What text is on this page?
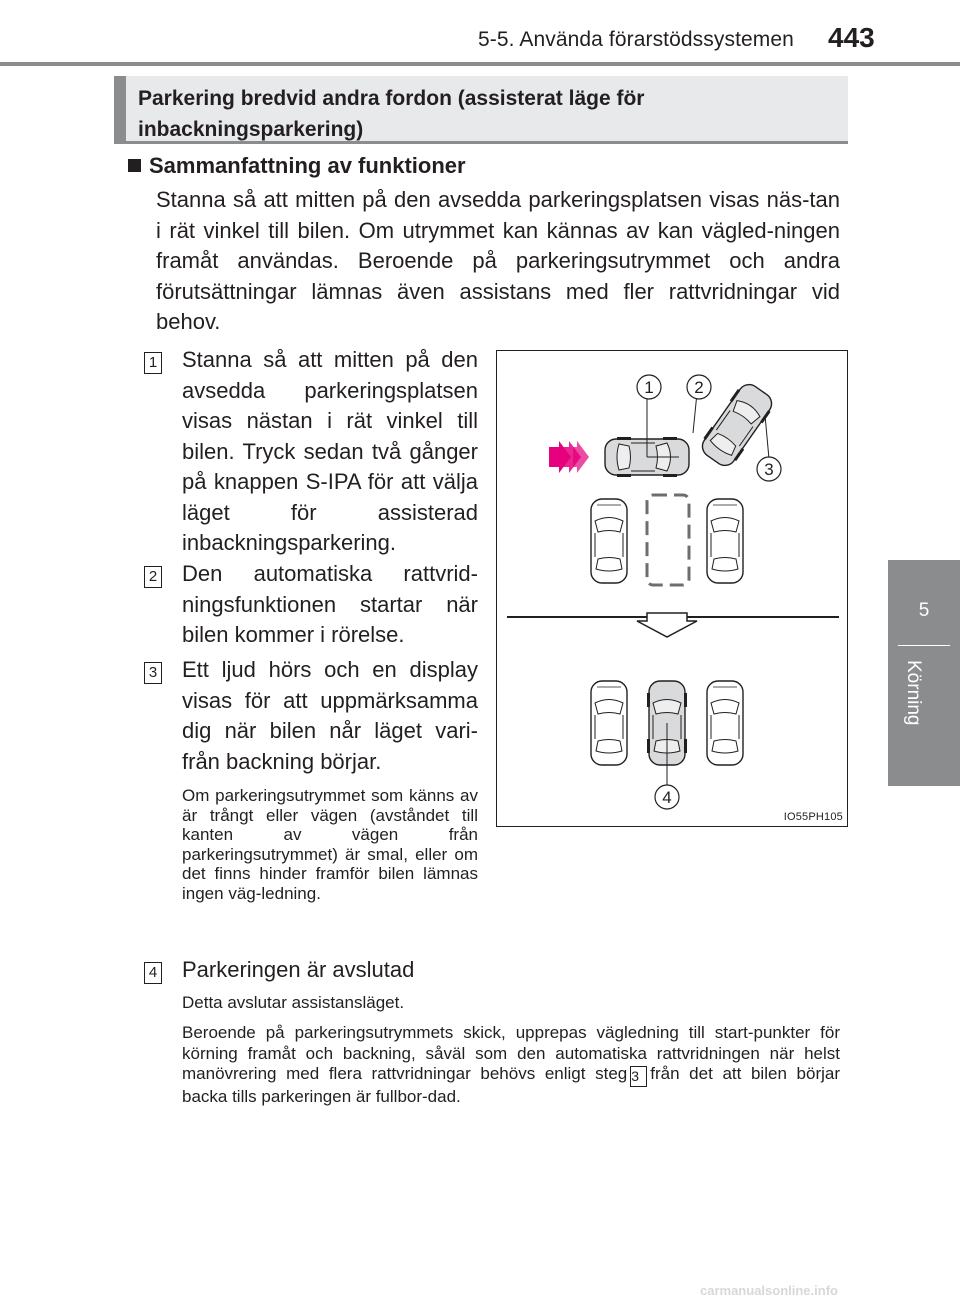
5-5. Använda förarstödssystemen 443
5
Körning
Parkering bredvid andra fordon (assisterat läge för
inbackningsparkering)
Sammanfattning av funktioner
Stanna så att mitten på den avsedda parkeringsplatsen visas näs-tan i rät vinkel till bilen. Om utrymmet kan kännas av kan vägled-ningen framåt användas. Beroende på parkeringsutrymmet och andra förutsättningar lämnas även assistans med fler rattvridningar vid behov.
1 Stanna så att mitten på den avsedda parkeringsplatsen visas nästan i rät vinkel till bilen. Tryck sedan två gånger på knappen S-IPA för att välja läget för assisterad inbackningsparkering.
2 Den automatiska rattvrid-ningsfunktionen startar när bilen kommer i rörelse.
3 Ett ljud hörs och en display visas för att uppmärksamma dig när bilen når läget vari-från backning börjar.
Om parkeringsutrymmet som känns av är trångt eller vägen (avståndet till kanten av vägen från parkeringsutrymmet) är smal, eller om det finns hinder framför bilen lämnas ingen väg-ledning.
4 Parkeringen är avslutad
Detta avslutar assistansläget.
Beroende på parkeringsutrymmets skick, upprepas vägledning till start-punkter för körning framåt och backning, såväl som den automatiska rattvridningen när helst manövrering med flera rattvridningar behövs enligt steg 3 från det att bilen börjar backa tills parkeringen är fullbor-dad.
1 2
3
4
IO55PH105
carmanualsonline.info
